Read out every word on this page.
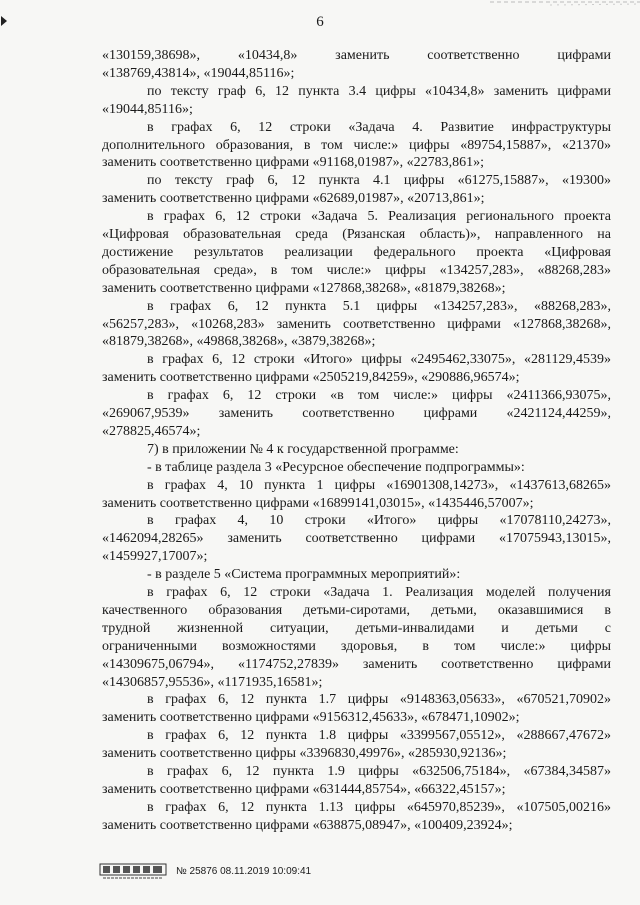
6
«130159,38698», «10434,8» заменить соответственно цифрами
«138769,43814», «19044,85116»;
по тексту граф 6, 12 пункта 3.4 цифры «10434,8» заменить цифрами
«19044,85116»;
в графах 6, 12 строки «Задача 4. Развитие инфраструктуры
дополнительного образования, в том числе:» цифры «89754,15887», «21370»
заменить соответственно цифрами «91168,01987», «22783,861»;
по тексту граф 6, 12 пункта 4.1 цифры «61275,15887», «19300»
заменить соответственно цифрами «62689,01987», «20713,861»;
в графах 6, 12 строки «Задача 5. Реализация регионального проекта
«Цифровая образовательная среда (Рязанская область)», направленного на
достижение результатов реализации федерального проекта «Цифровая
образовательная среда», в том числе:» цифры «134257,283», «88268,283»
заменить соответственно цифрами «127868,38268», «81879,38268»;
в графах 6, 12 пункта 5.1 цифры «134257,283», «88268,283»,
«56257,283», «10268,283» заменить соответственно цифрами «127868,38268»,
«81879,38268», «49868,38268», «3879,38268»;
в графах 6, 12 строки «Итого» цифры «2495462,33075», «281129,4539»
заменить соответственно цифрами «2505219,84259», «290886,96574»;
в графах 6, 12 строки «в том числе:» цифры «2411366,93075»,
«269067,9539» заменить соответственно цифрами «2421124,44259»,
«278825,46574»;
7) в приложении № 4 к государственной программе:
- в таблице раздела 3 «Ресурсное обеспечение подпрограммы»:
в графах 4, 10 пункта 1 цифры «16901308,14273», «1437613,68265»
заменить соответственно цифрами «16899141,03015», «1435446,57007»;
в графах 4, 10 строки «Итого» цифры «17078110,24273»,
«1462094,28265» заменить соответственно цифрами «17075943,13015»,
«1459927,17007»;
- в разделе 5 «Система программных мероприятий»:
в графах 6, 12 строки «Задача 1. Реализация моделей получения
качественного образования детьми-сиротами, детьми, оказавшимися в
трудной жизненной ситуации, детьми-инвалидами и детьми с
ограниченными возможностями здоровья, в том числе:» цифры
«14309675,06794», «1174752,27839» заменить соответственно цифрами
«14306857,95536», «1171935,16581»;
в графах 6, 12 пункта 1.7 цифры «9148363,05633», «670521,70902»
заменить соответственно цифрами «9156312,45633», «678471,10902»;
в графах 6, 12 пункта 1.8 цифры «3399567,05512», «288667,47672»
заменить соответственно цифры «3396830,49976», «285930,92136»;
в графах 6, 12 пункта 1.9 цифры «632506,75184», «67384,34587»
заменить соответственно цифрами «631444,85754», «66322,45157»;
в графах 6, 12 пункта 1.13 цифры «645970,85239», «107505,00216»
заменить соответственно цифрами «638875,08947», «100409,23924»;
№ 25876 08.11.2019 10:09:41
